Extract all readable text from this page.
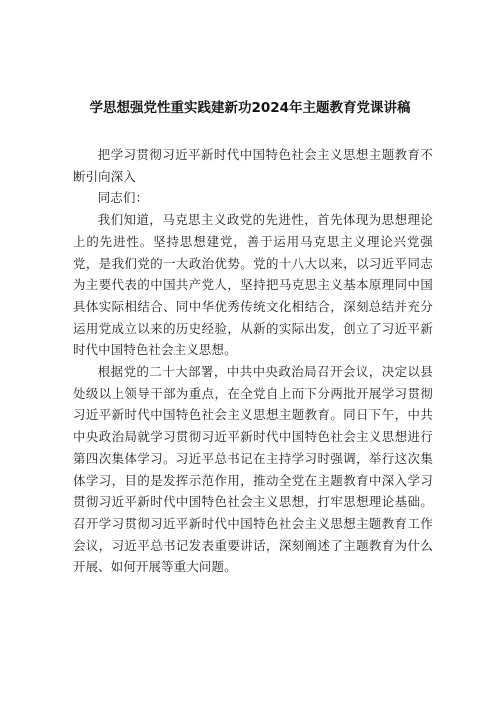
学思想强党性重实践建新功2024年主题教育党课讲稿

把学习贯彻习近平新时代中国特色社会主义思想主题教育不断引向深入

同志们：

我们知道，马克思主义政党的先进性，首先体现为思想理论上的先进性。坚持思想建党，善于运用马克思主义理论兴党强党，是我们党的一大政治优势。党的十八大以来，以习近平同志为主要代表的中国共产党人，坚持把马克思主义基本原理同中国具体实际相结合、同中华优秀传统文化相结合，深刻总结并充分运用党成立以来的历史经验，从新的实际出发，创立了习近平新时代中国特色社会主义思想。

根据党的二十大部署，中共中央政治局召开会议，决定以县处级以上领导干部为重点，在全党自上而下分两批开展学习贯彻习近平新时代中国特色社会主义思想主题教育。同日下午，中共中央政治局就学习贯彻习近平新时代中国特色社会主义思想进行第四次集体学习。习近平总书记在主持学习时强调，举行这次集体学习，目的是发挥示范作用，推动全党在主题教育中深入学习贯彻习近平新时代中国特色社会主义思想，打牢思想理论基础。召开学习贯彻习近平新时代中国特色社会主义思想主题教育工作会议，习近平总书记发表重要讲话，深刻阐述了主题教育为什么开展、如何开展等重大问题。
